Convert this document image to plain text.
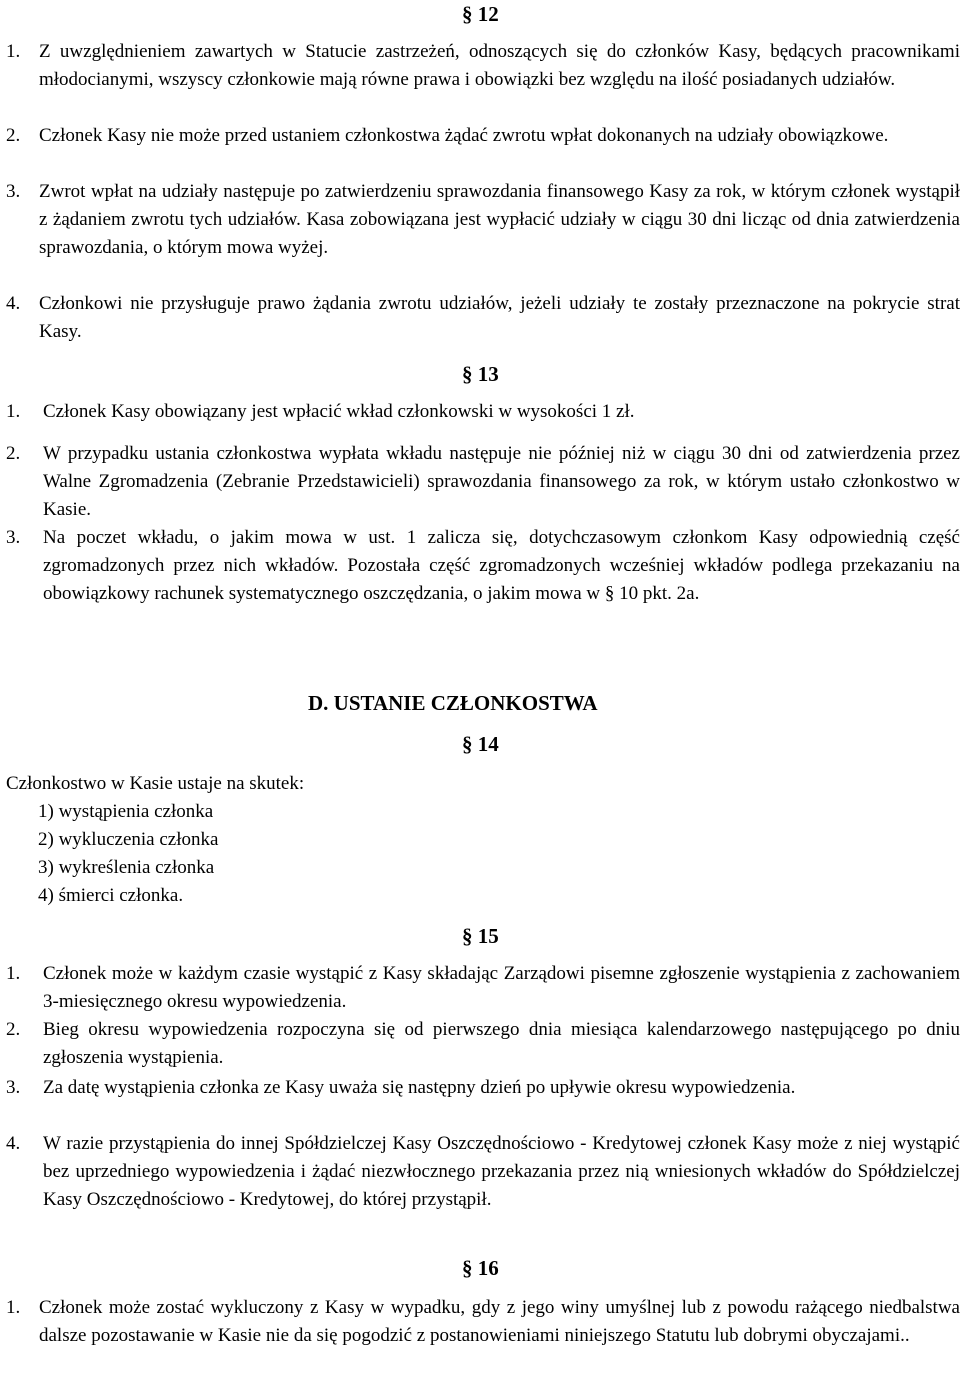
§ 12
1. Z uwzględnieniem zawartych w Statucie zastrzeżeń, odnoszących się do członków Kasy, będących pracownikami młodocianymi, wszyscy członkowie mają równe prawa i obowiązki bez względu na ilość posiadanych udziałów.
2. Członek Kasy nie może przed ustaniem członkostwa żądać zwrotu wpłat dokonanych na udziały obowiązkowe.
3. Zwrot wpłat na udziały następuje po zatwierdzeniu sprawozdania finansowego Kasy za rok, w którym członek wystąpił z żądaniem zwrotu tych udziałów. Kasa zobowiązana jest wypłacić udziały w ciągu 30 dni licząc od dnia zatwierdzenia sprawozdania, o którym mowa wyżej.
4. Członkowi nie przysługuje prawo żądania zwrotu udziałów, jeżeli udziały te zostały przeznaczone na pokrycie strat Kasy.
§ 13
1. Członek Kasy obowiązany jest wpłacić wkład członkowski w wysokości 1 zł.
2. W przypadku ustania członkostwa wypłata wkładu następuje nie później niż w ciągu 30 dni od zatwierdzenia przez Walne Zgromadzenia (Zebranie Przedstawicieli) sprawozdania finansowego za rok, w którym ustało członkostwo w Kasie.
3. Na poczet wkładu, o jakim mowa w ust. 1 zalicza się, dotychczasowym członkom Kasy odpowiednią część zgromadzonych przez nich wkładów. Pozostała część zgromadzonych wcześniej wkładów podlega przekazaniu na obowiązkowy rachunek systematycznego oszczędzania, o jakim mowa w § 10 pkt. 2a.
D. USTANIE CZŁONKOSTWA
§ 14
Członkostwo w Kasie ustaje na skutek:
1) wystąpienia członka
2) wykluczenia członka
3) wykreślenia członka
4) śmierci członka.
§ 15
1. Członek może w każdym czasie wystąpić z Kasy składając Zarządowi pisemne zgłoszenie wystąpienia z zachowaniem 3-miesięcznego okresu wypowiedzenia.
2. Bieg okresu wypowiedzenia rozpoczyna się od pierwszego dnia miesiąca kalendarzowego następującego po dniu zgłoszenia wystąpienia.
3. Za datę wystąpienia członka ze Kasy uważa się następny dzień po upływie okresu wypowiedzenia.
4. W razie przystąpienia do innej Spółdzielczej Kasy Oszczędnościowo - Kredytowej członek Kasy może z niej wystąpić bez uprzedniego wypowiedzenia i żądać niezwłocznego przekazania przez nią wniesionych wkładów do Spółdzielczej Kasy Oszczędnościowo - Kredytowej, do której przystąpił.
§ 16
1. Członek może zostać wykluczony z Kasy w wypadku, gdy z jego winy umyślnej lub z powodu rażącego niedbalstwa dalsze pozostawanie w Kasie nie da się pogodzić z postanowieniami niniejszego Statutu lub dobrymi obyczajami..
